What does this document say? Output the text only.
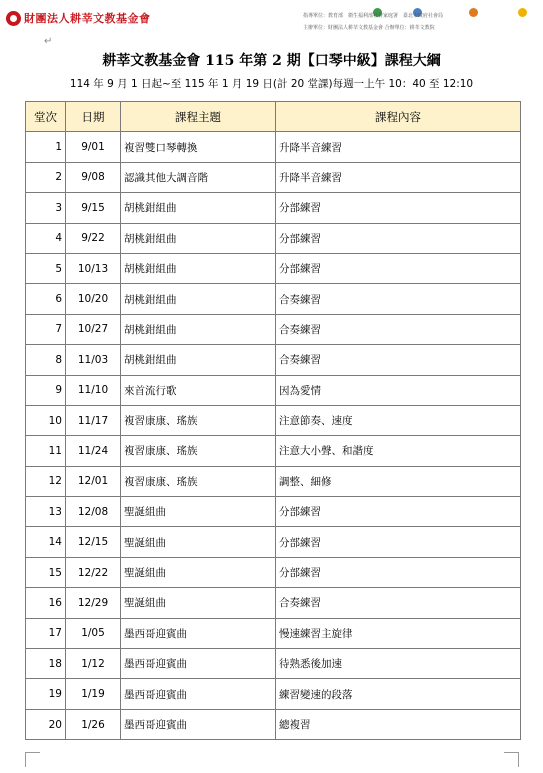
財團法人耕莘文教基金會	指導單位：教育部　衛生福利部社會家庭署　臺北市政府社會局
主辦單位：財團法人耕莘文教基金會 合辦單位：耕莘文教院
↵
耕莘文教基金會 115 年第 2 期【口琴中級】課程大綱
114 年 9 月 1 日起~至 115 年 1 月 19 日(計 20 堂課)每週一上午 10：40 至 12:10
堂次	日期	課程主題	課程內容
1	9/01	複習雙口琴轉換	升降半音練習
2	9/08	認識其他大調音階	升降半音練習
3	9/15	胡桃鉗組曲	分部練習
4	9/22	胡桃鉗組曲	分部練習
5	10/13	胡桃鉗組曲	分部練習
6	10/20	胡桃鉗組曲	合奏練習
7	10/27	胡桃鉗組曲	合奏練習
8	11/03	胡桃鉗組曲	合奏練習
9	11/10	來首流行歌	因為愛情
10	11/17	複習康康、瑤族	注意節奏、速度
11	11/24	複習康康、瑤族	注意大小聲、和諧度
12	12/01	複習康康、瑤族	調整、細修
13	12/08	聖誕組曲	分部練習
14	12/15	聖誕組曲	分部練習
15	12/22	聖誕組曲	分部練習
16	12/29	聖誕組曲	合奏練習
17	1/05	墨西哥迎賓曲	慢速練習主旋律
18	1/12	墨西哥迎賓曲	待熟悉後加速
19	1/19	墨西哥迎賓曲	練習變速的段落
20	1/26	墨西哥迎賓曲	總複習
